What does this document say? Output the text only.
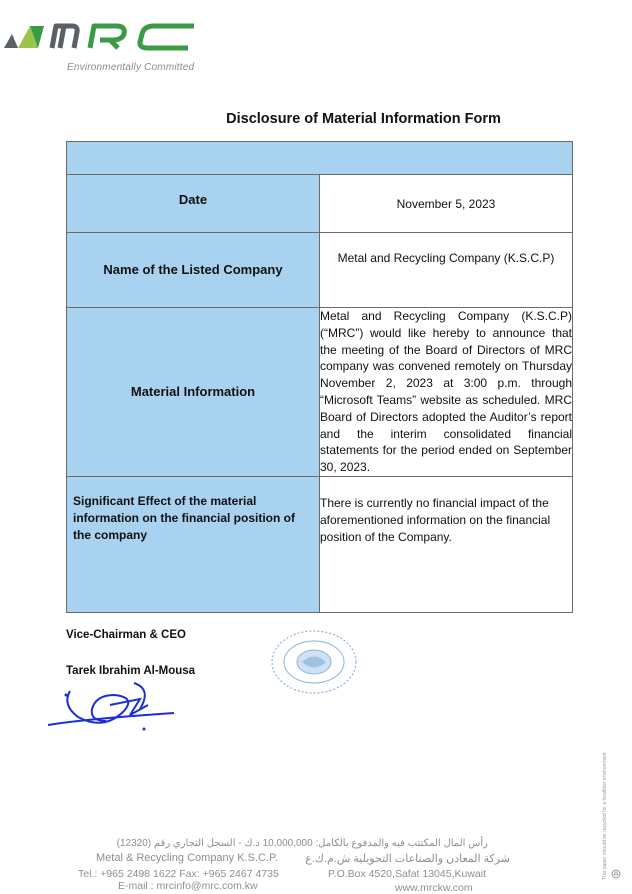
Environmentally Committed
Disclosure of Material Information Form

Date	November 5, 2023
Name of the Listed Company	Metal and Recycling Company (K.S.C.P)
Material Information	Metal and Recycling Company (K.S.C.P) (“MRC”) would like hereby to announce that the meeting of the Board of Directors of MRC company was convened remotely on Thursday November 2, 2023 at 3:00 p.m. through “Microsoft Teams” website as scheduled. MRC Board of Directors adopted the Auditor’s report and the interim consolidated financial statements for the period ended on September 30, 2023.
Significant Effect of the material information on the financial position of the company	There is currently no financial impact of the aforementioned information on the financial position of the Company.
Vice-Chairman & CEO
Tarek Ibrahim Al-Mousa
This paper should be recycled for a healthier environment.
رأس المال المكتتب فيه والمدفوع بالكامل: 10,000,000 د.ك - السجل التجاري رقم (12320)
Metal & Recycling Company K.S.C.P.	شركة المعادن والصناعات التحويلية ش.م.ك.ع
Tel.: +965 2498 1622 Fax: +965 2467 4735	P.O.Box 4520,Safat 13045,Kuwait
E-mail : mrcinfo@mrc.com.kw	www.mrckw.com
